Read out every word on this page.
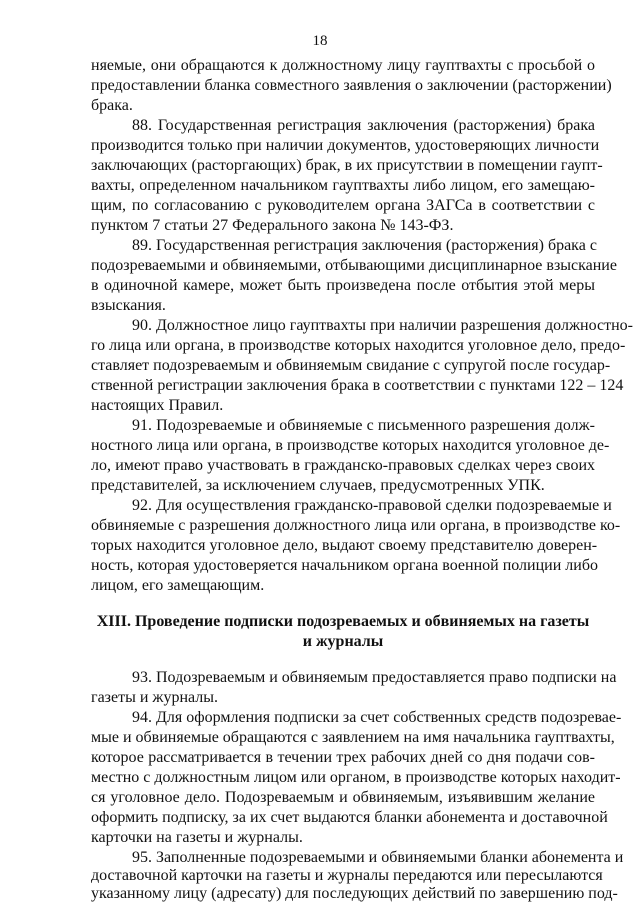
18
няемые, они обращаются к должностному лицу гауптвахты с просьбой о
предоставлении бланка совместного заявления о заключении (расторжении)
брака.
88. Государственная регистрация заключения (расторжения) брака
производится только при наличии документов, удостоверяющих личности
заключающих (расторгающих) брак, в их присутствии в помещении гаупт-
вахты, определенном начальником гауптвахты либо лицом, его замещаю-
щим, по согласованию с руководителем органа ЗАГСа в соответствии с
пунктом 7 статьи 27 Федерального закона № 143-ФЗ.
89. Государственная регистрация заключения (расторжения) брака с
подозреваемыми и обвиняемыми, отбывающими дисциплинарное взыскание
в одиночной камере, может быть произведена после отбытия этой меры
взыскания.
90. Должностное лицо гауптвахты при наличии разрешения должностно-
го лица или органа, в производстве которых находится уголовное дело, предо-
ставляет подозреваемым и обвиняемым свидание с супругой после государ-
ственной регистрации заключения брака в соответствии с пунктами 122 – 124
настоящих Правил.
91. Подозреваемые и обвиняемые с письменного разрешения долж-
ностного лица или органа, в производстве которых находится уголовное де-
ло, имеют право участвовать в гражданско-правовых сделках через своих
представителей, за исключением случаев, предусмотренных УПК.
92. Для осуществления гражданско-правовой сделки подозреваемые и
обвиняемые с разрешения должностного лица или органа, в производстве ко-
торых находится уголовное дело, выдают своему представителю доверен-
ность, которая удостоверяется начальником органа военной полиции либо
лицом, его замещающим.
XIII. Проведение подписки подозреваемых и обвиняемых на газеты
и журналы
93. Подозреваемым и обвиняемым предоставляется право подписки на
газеты и журналы.
94. Для оформления подписки за счет собственных средств подозревае-
мые и обвиняемые обращаются с заявлением на имя начальника гауптвахты,
которое рассматривается в течении трех рабочих дней со дня подачи сов-
местно с должностным лицом или органом, в производстве которых находит-
ся уголовное дело. Подозреваемым и обвиняемым, изъявившим желание
оформить подписку, за их счет выдаются бланки абонемента и доставочной
карточки на газеты и журналы.
95. Заполненные подозреваемыми и обвиняемыми бланки абонемента и
доставочной карточки на газеты и журналы передаются или пересылаются
указанному лицу (адресату) для последующих действий по завершению под-
